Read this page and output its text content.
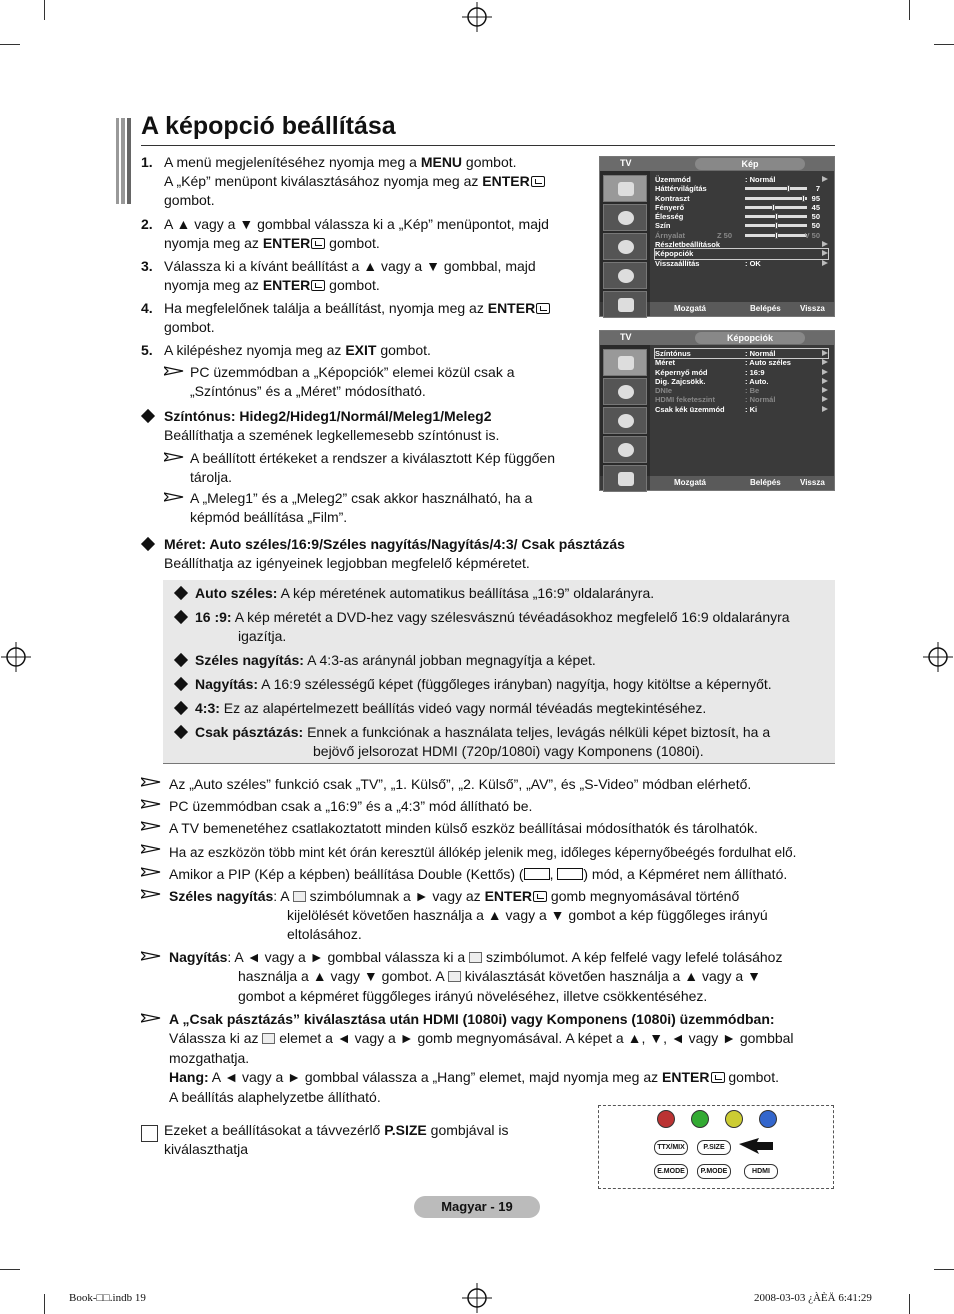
A képopció beállítása
1. A menü megjelenítéséhez nyomja meg a MENU gombot.
A „Kép” menüpont kiválasztásához nyomja meg az ENTER
gombot.
2. A ▲ vagy a ▼ gombbal válassza ki a „Kép” menüpontot, majd
nyomja meg az ENTER gombot.
3. Válassza ki a kívánt beállítást a ▲ vagy a ▼ gombbal, majd
nyomja meg az ENTER gombot.
4. Ha megfelelőnek találja a beállítást, nyomja meg az ENTER
gombot.
5. A kilépéshez nyomja meg az EXIT gombot.
PC üzemmódban a „Képopciók” elemei közül csak a
„Színtónus” és a „Méret” módosítható.
Színtónus: Hideg2/Hideg1/Normál/Meleg1/Meleg2
Beállíthatja a szemének legkellemesebb színtónust is.
A beállított értékeket a rendszer a kiválasztott Kép függően
tárolja.
A „Meleg1” és a „Meleg2” csak akkor használható, ha a
képmód beállítása „Film”.
Méret: Auto széles/16:9/Széles nagyítás/Nagyítás/4:3/ Csak pásztázás
Beállíthatja az igényeinek legjobban megfelelő képméretet.
Auto széles: A kép méretének automatikus beállítása „16:9” oldalarányra.
16 :9: A kép méretét a DVD-hez vagy szélesvásznú tévéadásokhoz megfelelő 16:9 oldalarányra
igazítja.
Széles nagyítás: A 4:3-as aránynál jobban megnagyítja a képet.
Nagyítás: A 16:9 szélességű képet (függőleges irányban) nagyítja, hogy kitöltse a képernyőt.
4:3: Ez az alapértelmezett beállítás videó vagy normál tévéadás megtekintéséhez.
Csak pásztázás: Ennek a funkciónak a használata teljes, levágás nélküli képet biztosít, ha a
bejövő jelsorozat HDMI (720p/1080i) vagy Komponens (1080i).
Az „Auto széles” funkció csak „TV”, „1. Külső”, „2. Külső”, „AV”, és „S-Video” módban elérhető.
PC üzemmódban csak a „16:9” és a „4:3” mód állítható be.
A TV bemenetéhez csatlakoztatott minden külső eszköz beállításai módosíthatók és tárolhatók.
Ha az eszközön több mint két órán keresztül állókép jelenik meg, időleges képernyőbeégés fordulhat elő.
Amikor a PIP (Kép a képben) beállítása Double (Kettős) ( , ) mód, a Képméret nem állítható.
Széles nagyítás: A  szimbólumnak a ► vagy az ENTER gomb megnyomásával történő
kijelölését követően használja a ▲ vagy a ▼ gombot a kép függőleges irányú
eltolásához.
Nagyítás: A ◄ vagy a ► gombbal válassza ki a  szimbólumot. A kép felfelé vagy lefelé tolásához
használja a ▲ vagy ▼ gombot. A  kiválasztását követően használja a ▲ vagy a ▼
gombot a képméret függőleges irányú növeléséhez, illetve csökkentéséhez.
A „Csak pásztázás” kiválasztása után HDMI (1080i) vagy Komponens (1080i) üzemmódban:
Válassza ki az  elemet a ◄ vagy a ► gomb megnyomásával. A képet a ▲, ▼, ◄ vagy ► gombbal
mozgathatja.
Hang: A ◄ vagy a ► gombbal válassza a „Hang” elemet, majd nyomja meg az ENTER gombot.
A beállítás alaphelyzetbe állítható.
Ezeket a beállításokat a távvezérlő P.SIZE gombjával is
kiválaszthatja	TTX/MIX	P.SIZE
E.MODE	P.MODE	HDMI
TV	Kép
Üzemmód	: Normál
Háttérvilágítás	7
Kontraszt	95
Fényerő	45
Élesség	50
Szín	50
Árnyalat	Z 50	V 50
Részletbeállítások
Képopciók
Visszaállítás	: OK
Mozgatá	Belépés Vissza
TV	Képopciók
Színtónus	: Normál
Méret	: Auto széles
Képernyő mód	: 16:9
Dig. Zajcsökk.	: Auto.
DNIe	: Be
HDMI feketeszint	: Normál
Csak kék üzemmód	: Ki
Mozgatá	Belépés Vissza
Magyar - 19
Book-□□.indb 19	2008-03-03 ¿ÀÈÄ 6:41:29
